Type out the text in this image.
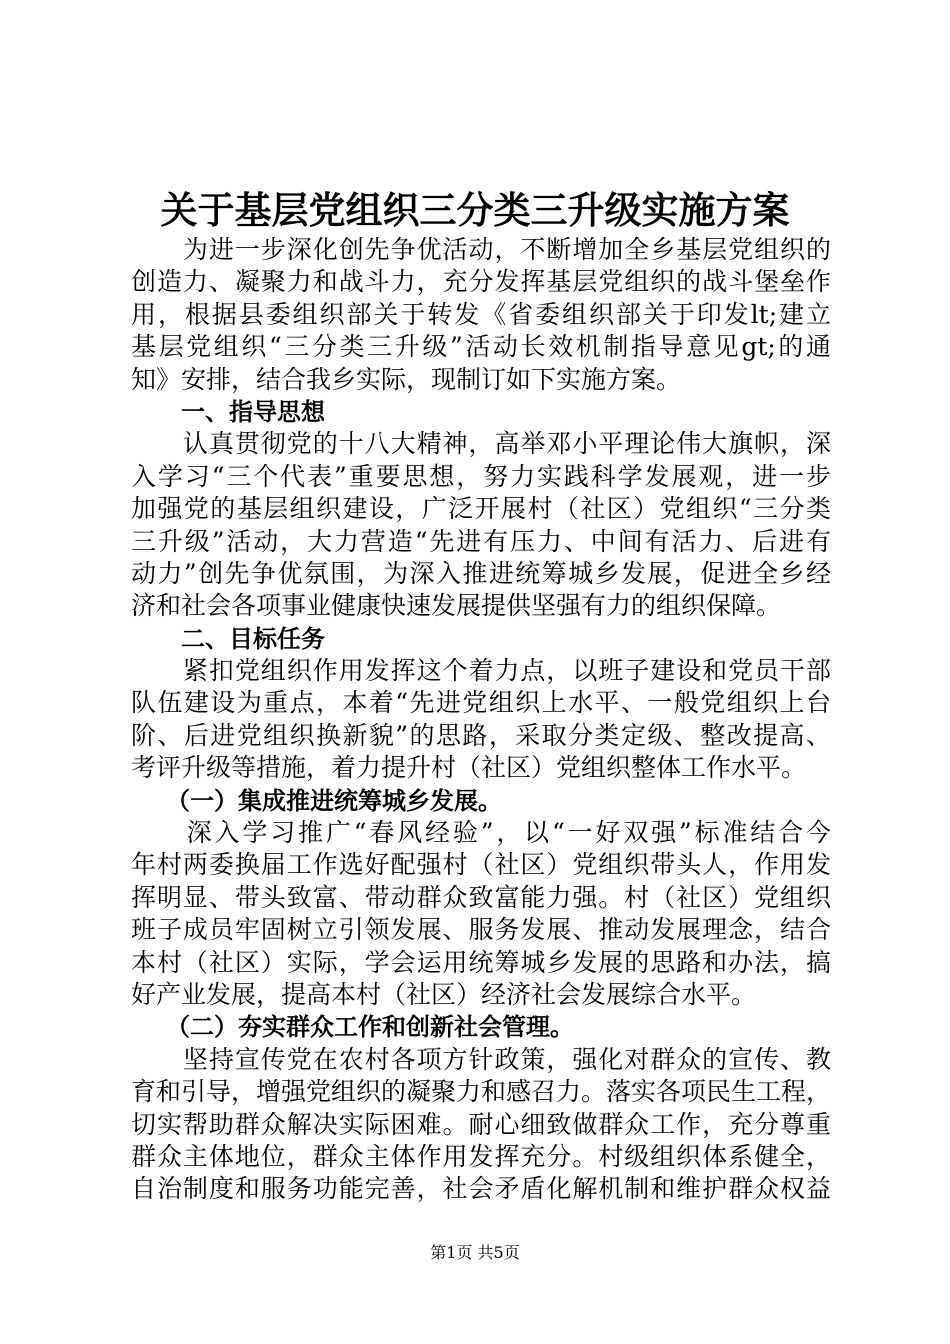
关于基层党组织三分类三升级实施方案
　　为进一步深化创先争优活动，不断增加全乡基层党组织的
创造力、凝聚力和战斗力，充分发挥基层党组织的战斗堡垒作
用，根据县委组织部关于转发《省委组织部关于印发lt;建立
基层党组织“三分类三升级”活动长效机制指导意见gt;的通
知》安排，结合我乡实际，现制订如下实施方案。
一、指导思想
　　认真贯彻党的十八大精神，高举邓小平理论伟大旗帜，深
入学习“三个代表”重要思想，努力实践科学发展观，进一步
加强党的基层组织建设，广泛开展村（社区）党组织“三分类
三升级”活动，大力营造“先进有压力、中间有活力、后进有
动力”创先争优氛围，为深入推进统筹城乡发展，促进全乡经
济和社会各项事业健康快速发展提供坚强有力的组织保障。
二、目标任务
　　紧扣党组织作用发挥这个着力点，以班子建设和党员干部
队伍建设为重点，本着“先进党组织上水平、一般党组织上台
阶、后进党组织换新貌”的思路，采取分类定级、整改提高、
考评升级等措施，着力提升村（社区）党组织整体工作水平。
（一）集成推进统筹城乡发展。
　　深入学习推广“春风经验”，以“一好双强”标准结合今
年村两委换届工作选好配强村（社区）党组织带头人，作用发
挥明显、带头致富、带动群众致富能力强。村（社区）党组织
班子成员牢固树立引领发展、服务发展、推动发展理念，结合
本村（社区）实际，学会运用统筹城乡发展的思路和办法，搞
好产业发展，提高本村（社区）经济社会发展综合水平。
（二）夯实群众工作和创新社会管理。
　　坚持宣传党在农村各项方针政策，强化对群众的宣传、教
育和引导，增强党组织的凝聚力和感召力。落实各项民生工程，
切实帮助群众解决实际困难。耐心细致做群众工作，充分尊重
群众主体地位，群众主体作用发挥充分。村级组织体系健全，
自治制度和服务功能完善，社会矛盾化解机制和维护群众权益
第1页 共5页
